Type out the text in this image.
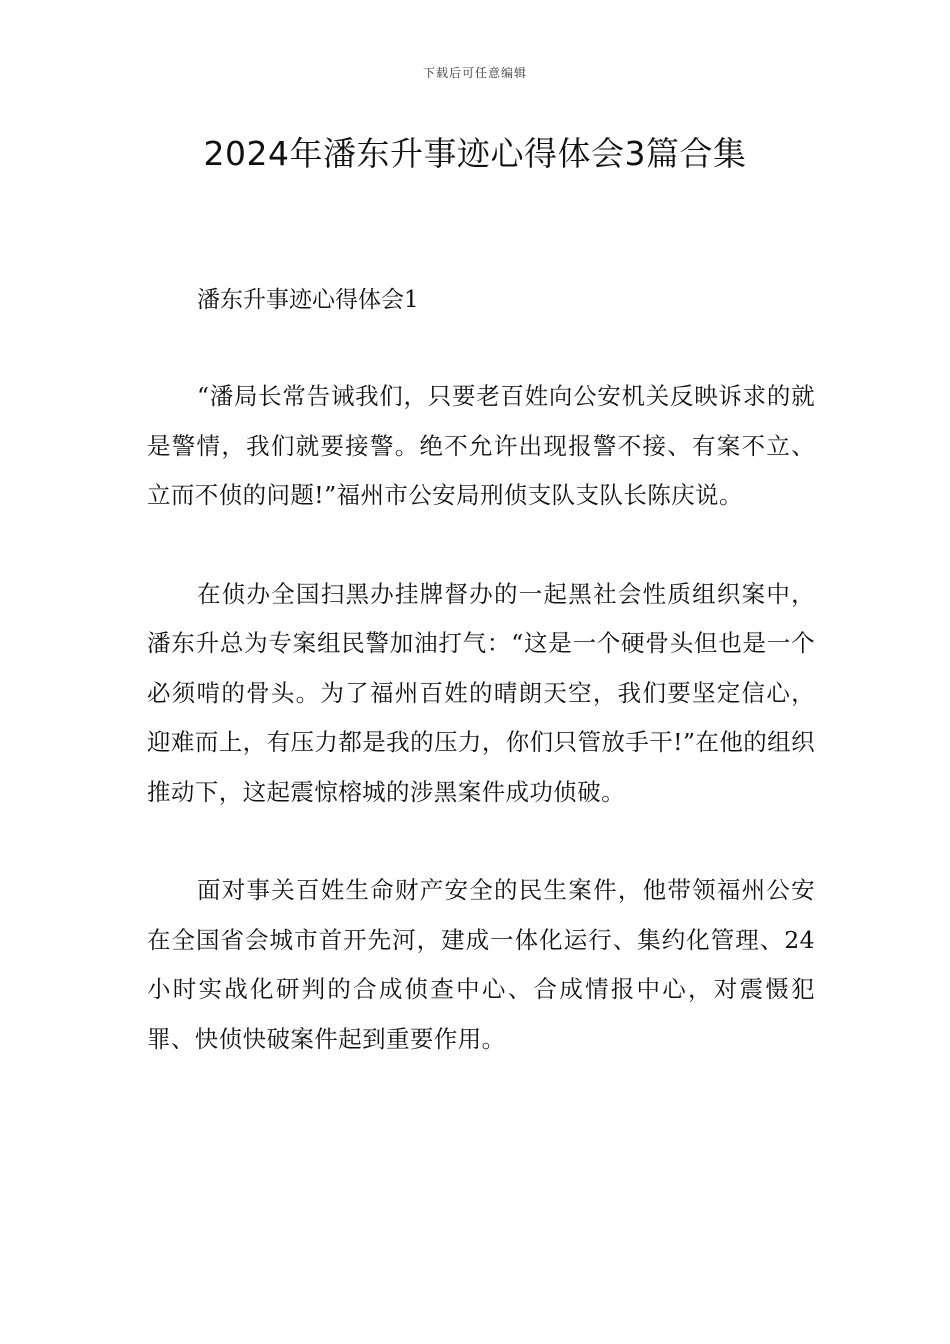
下载后可任意编辑
2024年潘东升事迹心得体会3篇合集

潘东升事迹心得体会1

“潘局长常告诫我们，只要老百姓向公安机关反映诉求的就是警情，我们就要接警。绝不允许出现报警不接、有案不立、立而不侦的问题!”福州市公安局刑侦支队支队长陈庆说。

在侦办全国扫黑办挂牌督办的一起黑社会性质组织案中，潘东升总为专案组民警加油打气：“这是一个硬骨头但也是一个必须啃的骨头。为了福州百姓的晴朗天空，我们要坚定信心，迎难而上，有压力都是我的压力，你们只管放手干!”在他的组织推动下，这起震惊榕城的涉黑案件成功侦破。

面对事关百姓生命财产安全的民生案件，他带领福州公安在全国省会城市首开先河，建成一体化运行、集约化管理、24小时实战化研判的合成侦查中心、合成情报中心，对震慑犯罪、快侦快破案件起到重要作用。
